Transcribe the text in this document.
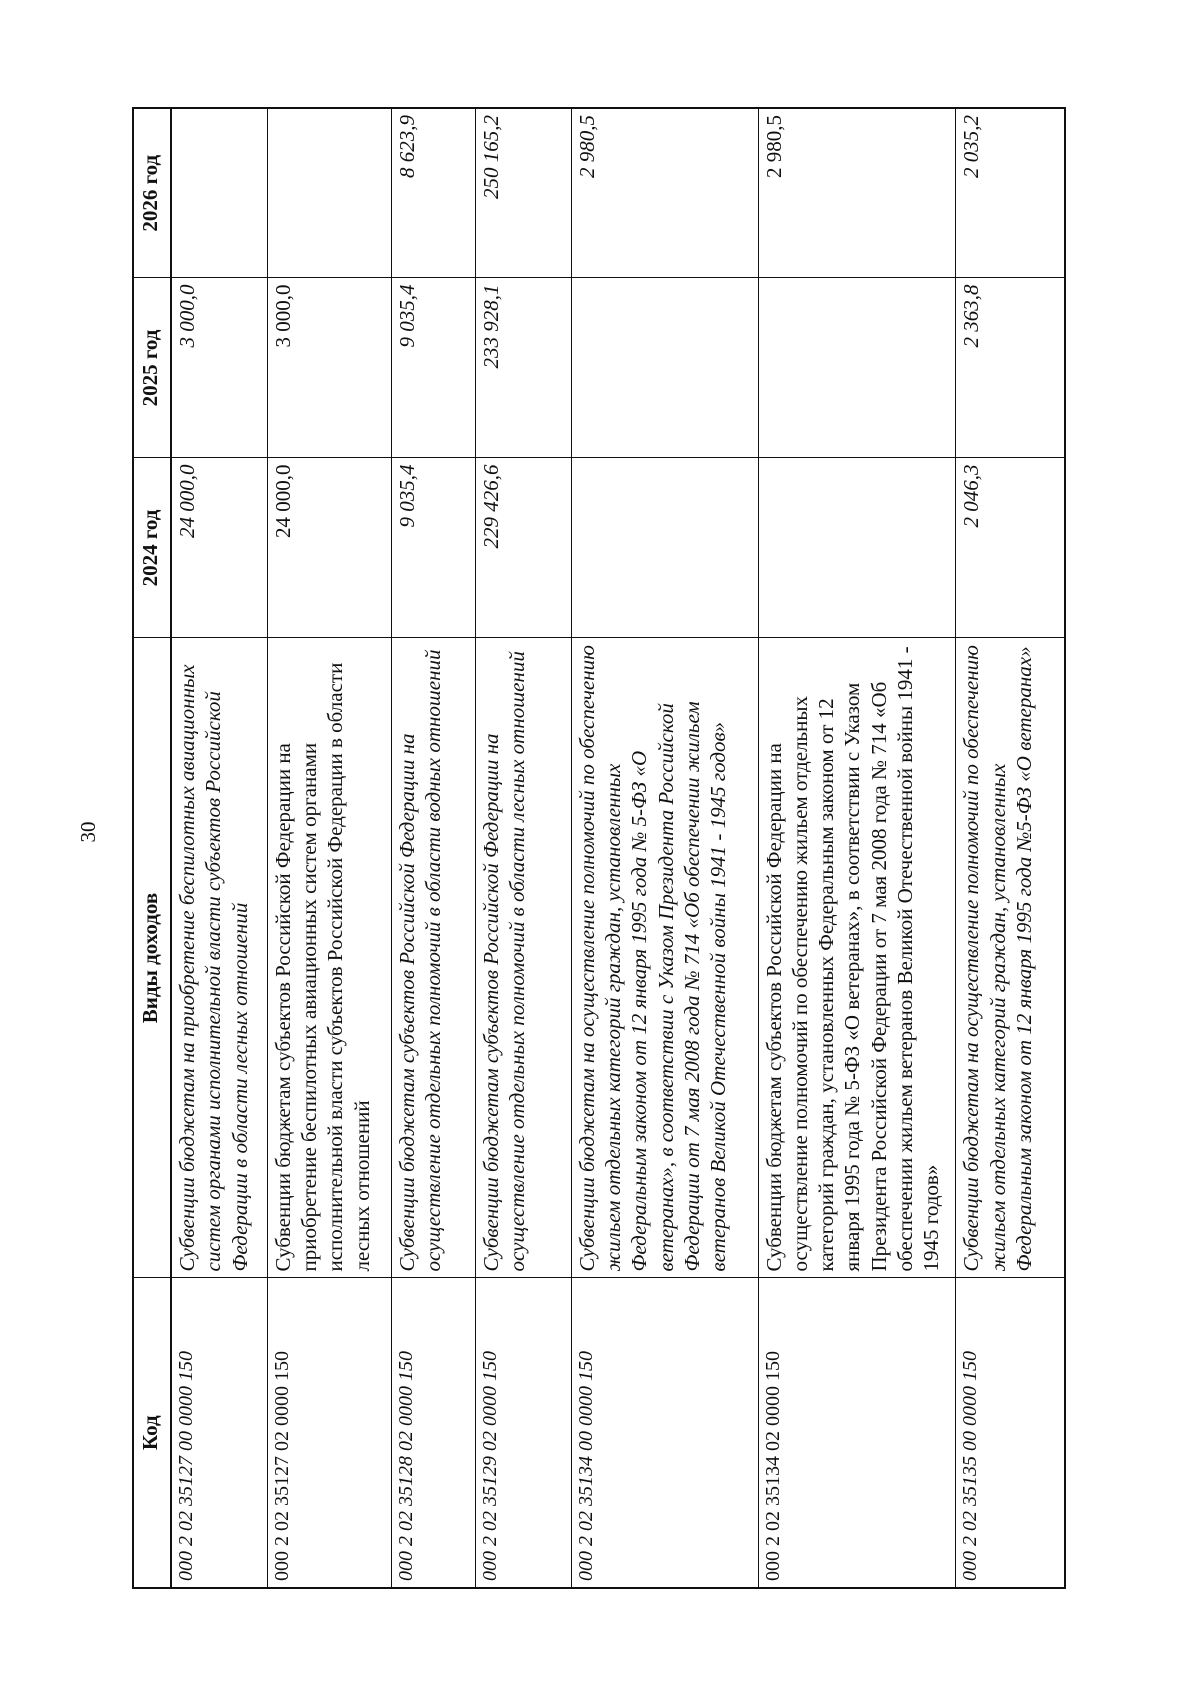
30
Код	Виды доходов	2024 год	2025 год	2026 год
000 2 02 35127 00 0000 150	Субвенции бюджетам на приобретение беспилотных авиационных систем органами исполнительной власти субъектов Российской Федерации в области лесных отношений	24 000,0	3 000,0	
000 2 02 35127 02 0000 150	Субвенции бюджетам субъектов Российской Федерации на приобретение беспилотных авиационных систем органами исполнительной власти субъектов Российской Федерации в области лесных отношений	24 000,0	3 000,0	
000 2 02 35128 02 0000 150	Субвенции бюджетам субъектов Российской Федерации на осуществление отдельных полномочий в области водных отношений	9 035,4	9 035,4	8 623,9
000 2 02 35129 02 0000 150	Субвенции бюджетам субъектов Российской Федерации на осуществление отдельных полномочий в области лесных отношений	229 426,6	233 928,1	250 165,2
000 2 02 35134 00 0000 150	Субвенции бюджетам на осуществление полномочий по обеспечению жильем отдельных категорий граждан, установленных Федеральным законом от 12 января 1995 года № 5-ФЗ «О ветеранах», в соответствии с Указом Президента Российской Федерации от 7 мая 2008 года № 714 «Об обеспечении жильем ветеранов Великой Отечественной войны 1941 - 1945 годов»			2 980,5
000 2 02 35134 02 0000 150	Субвенции бюджетам субъектов Российской Федерации на осуществление полномочий по обеспечению жильем отдельных категорий граждан, установленных Федеральным законом от 12 января 1995 года № 5-ФЗ «О ветеранах», в соответствии с Указом Президента Российской Федерации от 7 мая 2008 года № 714 «Об обеспечении жильем ветеранов Великой Отечественной войны 1941 - 1945 годов»			2 980,5
000 2 02 35135 00 0000 150	Субвенции бюджетам на осуществление полномочий по обеспечению жильем отдельных категорий граждан, установленных Федеральным законом от 12 января 1995 года №5-ФЗ «О ветеранах»	2 046,3	2 363,8	2 035,2
